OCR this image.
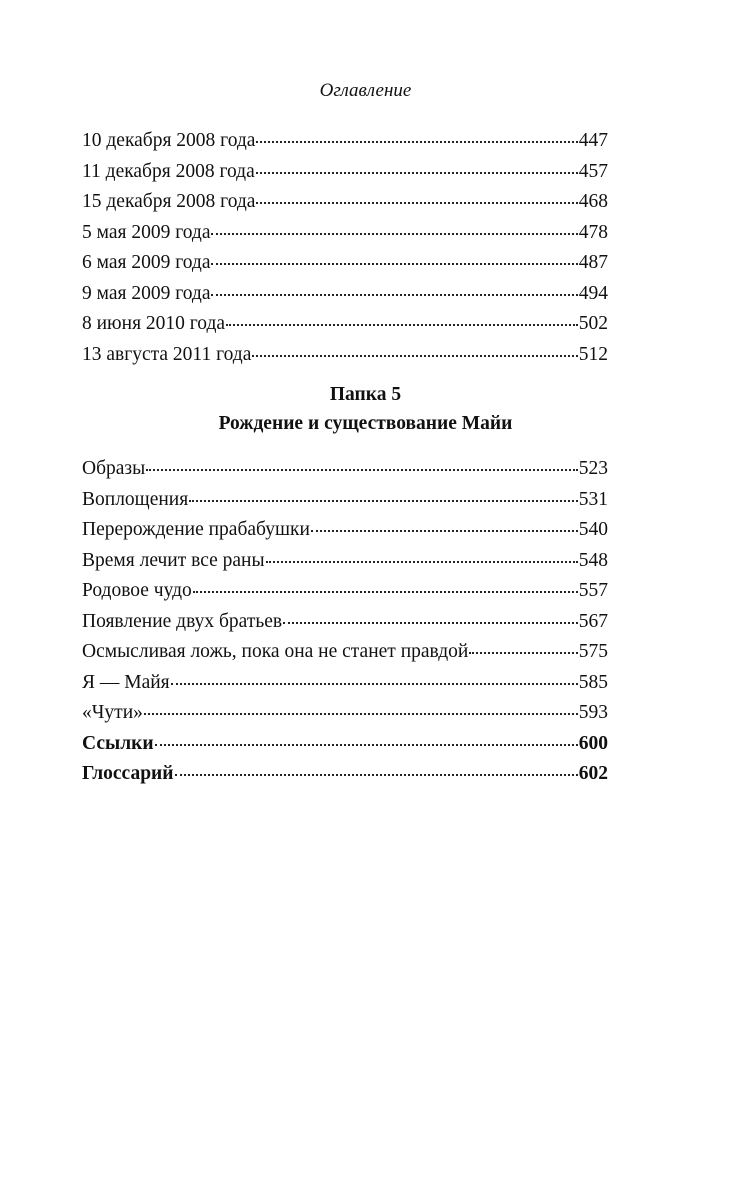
Оглавление
10 декабря 2008 года	447
11 декабря 2008 года	457
15 декабря 2008 года	468
5 мая 2009 года	478
6 мая 2009 года	487
9 мая 2009 года	494
8 июня 2010 года	502
13 августа 2011 года	512
Папка 5
Рождение и существование Майи
Образы	523
Воплощения	531
Перерождение прабабушки	540
Время лечит все раны	548
Родовое чудо	557
Появление двух братьев	567
Осмысливая ложь, пока она не станет правдой	575
Я — Майя	585
«Чути»	593
Ссылки	600
Глоссарий	602
